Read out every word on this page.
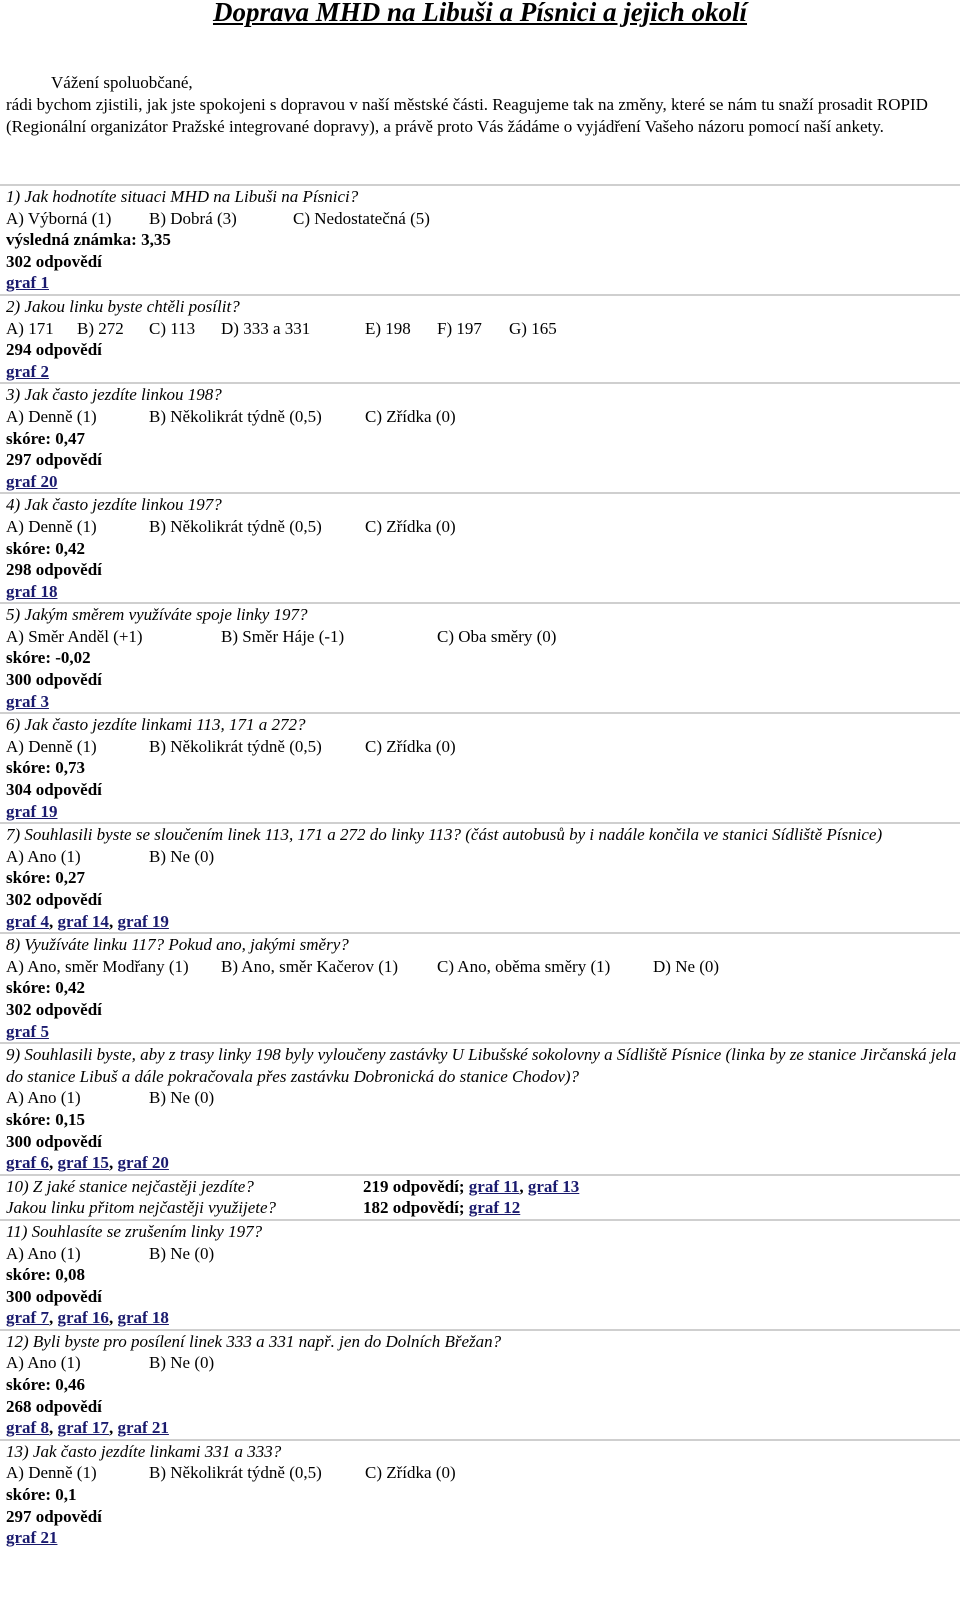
Doprava MHD na Libuši a Písnici a jejich okolí
Vážení spoluobčané,
rádi bychom zjistili, jak jste spokojeni s dopravou v naší městské části. Reagujeme tak na změny, které se nám tu snaží prosadit ROPID (Regionální organizátor Pražské integrované dopravy), a právě proto Vás žádáme o vyjádření Vašeho názoru pomocí naší ankety.
1) Jak hodnotíte situaci MHD na Libuši na Písnici?
A) Výborná (1) B) Dobrá (3)	C) Nedostatečná (5)
výsledná známka: 3,35
302 odpovědí
graf 1
2) Jakou linku byste chtěli posílit?
A) 171 B) 272 C) 113 D) 333 a 331	E) 198 F) 197 G) 165
294 odpovědí
graf 2
3) Jak často jezdíte linkou 198?
A) Denně (1)	B) Několikrát týdně (0,5)	C) Zřídka (0)
skóre: 0,47
297 odpovědí
graf 20
4) Jak často jezdíte linkou 197?
A) Denně (1)	B) Několikrát týdně (0,5)	C) Zřídka (0)
skóre: 0,42
298 odpovědí
graf 18
5) Jakým směrem využíváte spoje linky 197?
A) Směr Anděl (+1)	B) Směr Háje (-1)	C) Oba směry (0)
skóre: -0,02
300 odpovědí
graf 3
6) Jak často jezdíte linkami 113, 171 a 272?
A) Denně (1)	B) Několikrát týdně (0,5)	C) Zřídka (0)
skóre: 0,73
304 odpovědí
graf 19
7) Souhlasili byste se sloučením linek 113, 171 a 272 do linky 113? (část autobusů by i nadále končila ve stanici Sídliště Písnice)
A) Ano (1)	B) Ne (0)
skóre: 0,27
302 odpovědí
graf 4, graf 14, graf 19
8) Využíváte linku 117? Pokud ano, jakými směry?
A) Ano, směr Modřany (1) B) Ano, směr Kačerov (1) C) Ano, oběma směry (1)	D) Ne (0)
skóre: 0,42
302 odpovědí
graf 5
9) Souhlasili byste, aby z trasy linky 198 byly vyloučeny zastávky U Libušské sokolovny a Sídliště Písnice (linka by ze stanice Jirčanská jela do stanice Libuš a dále pokračovala přes zastávku Dobronická do stanice Chodov)?
A) Ano (1)	B) Ne (0)
skóre: 0,15
300 odpovědí
graf 6, graf 15, graf 20
10) Z jaké stanice nejčastěji jezdíte?	219 odpovědí; graf 11, graf 13
Jakou linku přitom nejčastěji využijete?	182 odpovědí; graf 12
11) Souhlasíte se zrušením linky 197?
A) Ano (1)	B) Ne (0)
skóre: 0,08
300 odpovědí
graf 7, graf 16, graf 18
12) Byli byste pro posílení linek 333 a 331 např. jen do Dolních Břežan?
A) Ano (1)	B) Ne (0)
skóre: 0,46
268 odpovědí
graf 8, graf 17, graf 21
13) Jak často jezdíte linkami 331 a 333?
A) Denně (1)	B) Několikrát týdně (0,5)	C) Zřídka (0)
skóre: 0,1
297 odpovědí
graf 21
